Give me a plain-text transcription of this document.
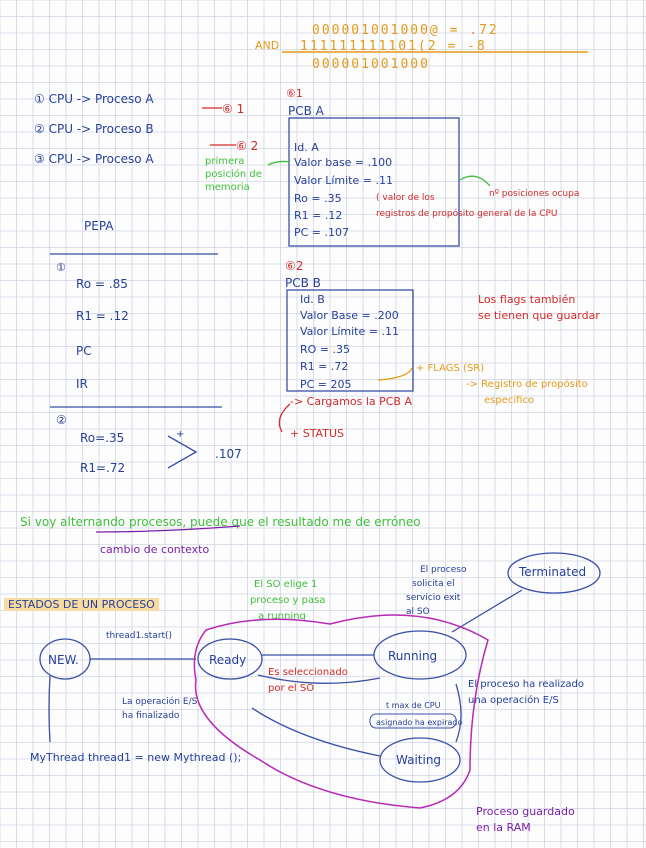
000001001000@ = .72
AND 111111111101(2 = -8
000001001000
① CPU -> Proceso A
② CPU -> Proceso B
③ CPU -> Proceso A
⑥ 1
⑥ 2
primera
posición de
memoria
PEPA
①
Ro = .85
R1 = .12
PC
IR
②
Ro=.35
R1=.72
+
.107
⑥1
PCB A
Id. A
Valor base = .100
Valor Límite = .11
Ro = .35
R1 = .12
PC = .107
( valor de los
registros de propósito general de la CPU
nº posiciones ocupa
⑥2
PCB B
Id. B
Valor Base = .200
Valor Límite = .11
RO = .35
R1 = .72
PC = 205
-> Cargamos la PCB A
+ STATUS
+ FLAGS (SR)
-> Registro de propósito
específico
Los flags también
se tienen que guardar
Si voy alternando procesos, puede que el resultado me de erróneo
cambio de contexto
ESTADOS DE UN PROCESO
El SO elige 1
proceso y pasa
a running
El proceso
solicita el
servicio exit
al SO
thread1.start()
NEW.	Ready	Running
Terminated
Waiting
Es seleccionado
por el SO
La operación E/S
ha finalizado
El proceso ha realizado
una operación E/S
t max de CPU
asignado ha expirado
MyThread thread1 = new Mythread ();
Proceso guardado
en la RAM
